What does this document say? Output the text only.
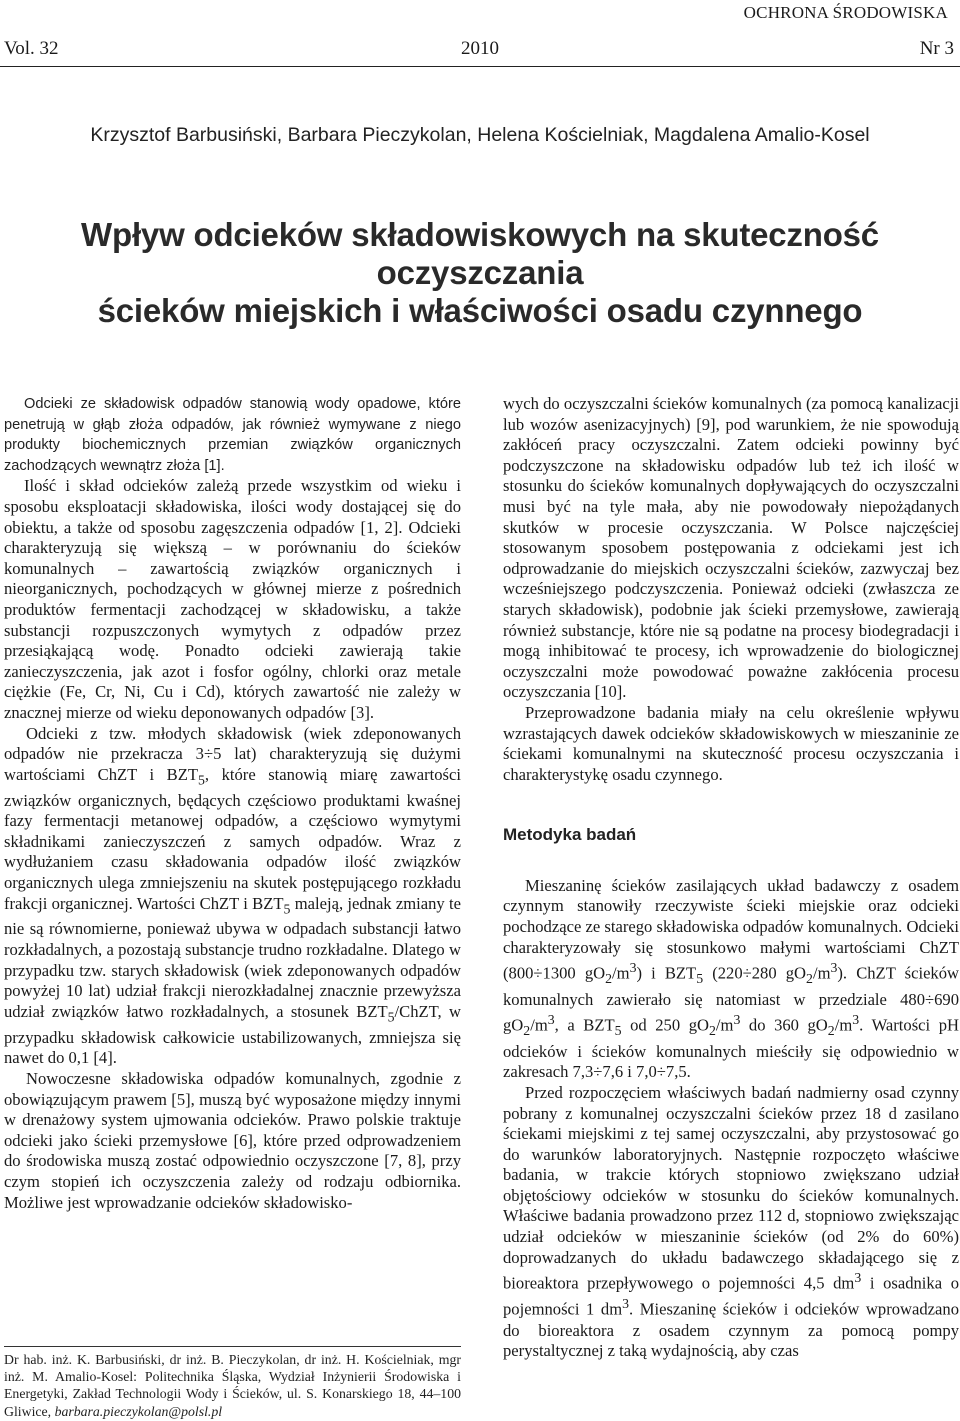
OCHRONA ŚRODOWISKA
Vol. 32	2010	Nr 3
Krzysztof Barbusiński, Barbara Pieczykolan, Helena Kościelniak, Magdalena Amalio-Kosel
Wpływ odcieków składowiskowych na skuteczność oczyszczania
ścieków miejskich i właściwości osadu czynnego

Odcieki ze składowisk odpadów stanowią wody opadowe, które penetrują w głąb złoża odpadów, jak również wymywane z niego produkty biochemicznych przemian związków organicznych zachodzących wewnątrz złoża [1].

Ilość i skład odcieków zależą przede wszystkim od wieku i sposobu eksploatacji składowiska, ilości wody dostającej się do obiektu, a także od sposobu zagęszczenia odpadów [1, 2]. Odcieki charakteryzują się większą – w porównaniu do ścieków komunalnych – zawartością związków organicznych i nieorganicznych, pochodzących w głównej mierze z pośrednich produktów fermentacji zachodzącej w składowisku, a także substancji rozpuszczonych wymytych z odpadów przez przesiąkającą wodę. Ponadto odcieki zawierają takie zanieczyszczenia, jak azot i fosfor ogólny, chlorki oraz metale ciężkie (Fe, Cr, Ni, Cu i Cd), których zawartość nie zależy w znacznej mierze od wieku deponowanych odpadów [3].

Odcieki z tzw. młodych składowisk (wiek zdeponowanych odpadów nie przekracza 3÷5 lat) charakteryzują się dużymi wartościami ChZT i $BZT_5$, które stanowią miarę zawartości związków organicznych, będących częściowo produktami kwaśnej fazy fermentacji metanowej odpadów, a częściowo wymytymi składnikami zanieczyszczeń z samych odpadów. Wraz z wydłużaniem czasu składowania odpadów ilość związków organicznych ulega zmniejszeniu na skutek postępującego rozkładu frakcji organicznej. Wartości ChZT i $BZT_5$ maleją, jednak zmiany te nie są równomierne, ponieważ ubywa w odpadach substancji łatwo rozkładalnych, a pozostają substancje trudno rozkładalne. Dlatego w przypadku tzw. starych składowisk (wiek zdeponowanych odpadów powyżej 10 lat) udział frakcji nierozkładalnej znacznie przewyższa udział związków łatwo rozkładalnych, a stosunek $BZT_5$/ChZT, w przypadku składowisk całkowicie ustabilizowanych, zmniejsza się nawet do 0,1 [4].

Nowoczesne składowiska odpadów komunalnych, zgodnie z obowiązującym prawem [5], muszą być wyposażone między innymi w drenażowy system ujmowania odcieków. Prawo polskie traktuje odcieki jako ścieki przemysłowe [6], które przed odprowadzeniem do środowiska muszą zostać odpowiednio oczyszczone [7, 8], przy czym stopień ich oczyszczenia zależy od rodzaju odbiornika. Możliwe jest wprowadzanie odcieków składowisko-

wych do oczyszczalni ścieków komunalnych (za pomocą kanalizacji lub wozów asenizacyjnych) [9], pod warunkiem, że nie spowodują zakłóceń pracy oczyszczalni. Zatem odcieki powinny być podczyszczone na składowisku odpadów lub też ich ilość w stosunku do ścieków komunalnych dopływających do oczyszczalni musi być na tyle mała, aby nie powodowały niepożądanych skutków w procesie oczyszczania. W Polsce najczęściej stosowanym sposobem postępowania z odciekami jest ich odprowadzanie do miejskich oczyszczalni ścieków, zazwyczaj bez wcześniejszego podczyszczenia. Ponieważ odcieki (zwłaszcza ze starych składowisk), podobnie jak ścieki przemysłowe, zawierają również substancje, które nie są podatne na procesy biodegradacji i mogą inhibitować te procesy, ich wprowadzenie do biologicznej oczyszczalni może powodować poważne zakłócenia procesu oczyszczania [10].

Przeprowadzone badania miały na celu określenie wpływu wzrastających dawek odcieków składowiskowych w mieszaninie ze ściekami komunalnymi na skuteczność procesu oczyszczania i charakterystykę osadu czynnego.

Metodyka badań

Mieszaninę ścieków zasilających układ badawczy z osadem czynnym stanowiły rzeczywiste ścieki miejskie oraz odcieki pochodzące ze starego składowiska odpadów komunalnych. Odcieki charakteryzowały się stosunkowo małymi wartościami ChZT (800÷1300 $gO_2/m^3$) i $BZT_5$ (220÷280 $gO_2/m^3$). ChZT ścieków komunalnych zawierało się natomiast w przedziale 480÷690 $gO_2/m^3$, a $BZT_5$ od 250 $gO_2/m^3$ do 360 $gO_2/m^3$. Wartości pH odcieków i ścieków komunalnych mieściły się odpowiednio w zakresach 7,3÷7,6 i 7,0÷7,5.

Przed rozpoczęciem właściwych badań nadmierny osad czynny pobrany z komunalnej oczyszczalni ścieków przez 18 d zasilano ściekami miejskimi z tej samej oczyszczalni, aby przystosować go do warunków laboratoryjnych. Następnie rozpoczęto właściwe badania, w trakcie których stopniowo zwiększano udział objętościowy odcieków w stosunku do ścieków komunalnych. Właściwe badania prowadzono przez 112 d, stopniowo zwiększając udział odcieków w mieszaninie ścieków (od 2% do 60%) doprowadzanych do układu badawczego składającego się z bioreaktora przepływowego o pojemności 4,5 $dm^3$ i osadnika o pojemności 1 $dm^3$. Mieszaninę ścieków i odcieków wprowadzano do bioreaktora z osadem czynnym za pomocą pompy perystaltycznej z taką wydajnością, aby czas

Dr hab. inż. K. Barbusiński, dr inż. B. Pieczykolan, dr inż. H. Kościelniak, mgr inż. M. Amalio-Kosel: Politechnika Śląska, Wydział Inżynierii Środowiska i Energetyki, Zakład Technologii Wody i Ścieków, ul. S. Konarskiego 18, 44–100 Gliwice, barbara.pieczykolan@polsl.pl
